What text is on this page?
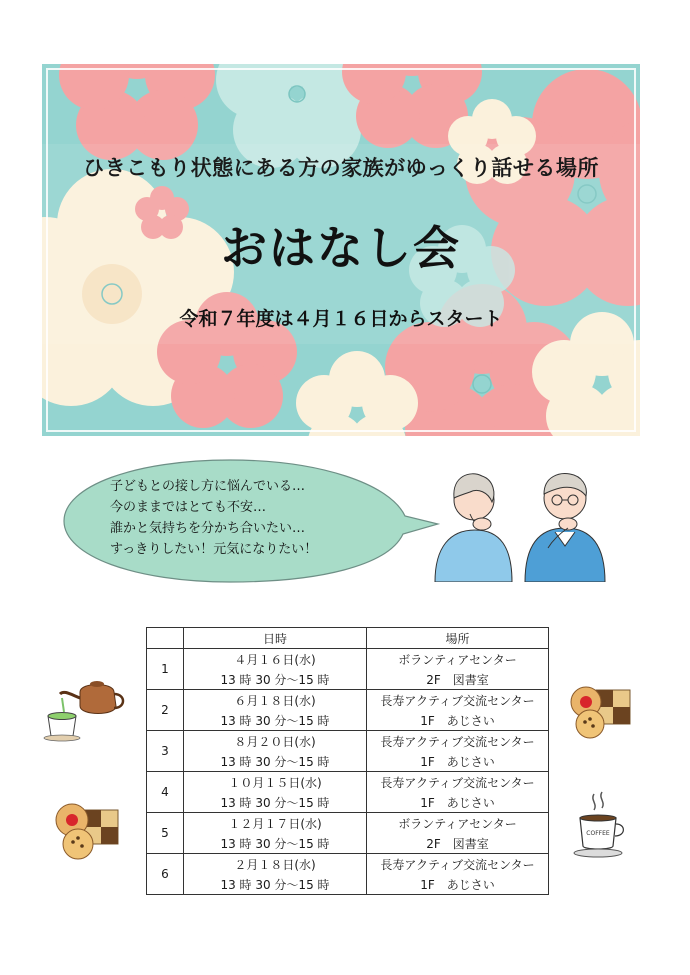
ひきこもり状態にある方の家族がゆっくり話せる場所
おはなし会
令和７年度は４月１６日からスタート
子どもとの接し方に悩んでいる…
今のままではとても不安…
誰かと気持ちを分かち合いたい…
すっきりしたい！元気になりたい！
	日時	場所
1	４月１６日(水)	ボランティアセンター
	13 時 30 分～15 時	2F　図書室
2	６月１８日(水)	長寿アクティブ交流センター
	13 時 30 分～15 時	1F　あじさい
3	８月２０日(水)	長寿アクティブ交流センター
	13 時 30 分～15 時	1F　あじさい
4	１０月１５日(水)	長寿アクティブ交流センター
	13 時 30 分～15 時	1F　あじさい
5	１２月１７日(水)	ボランティアセンター
	13 時 30 分～15 時	2F　図書室
6	２月１８日(水)	長寿アクティブ交流センター
	13 時 30 分～15 時	1F　あじさい
COFFEE
